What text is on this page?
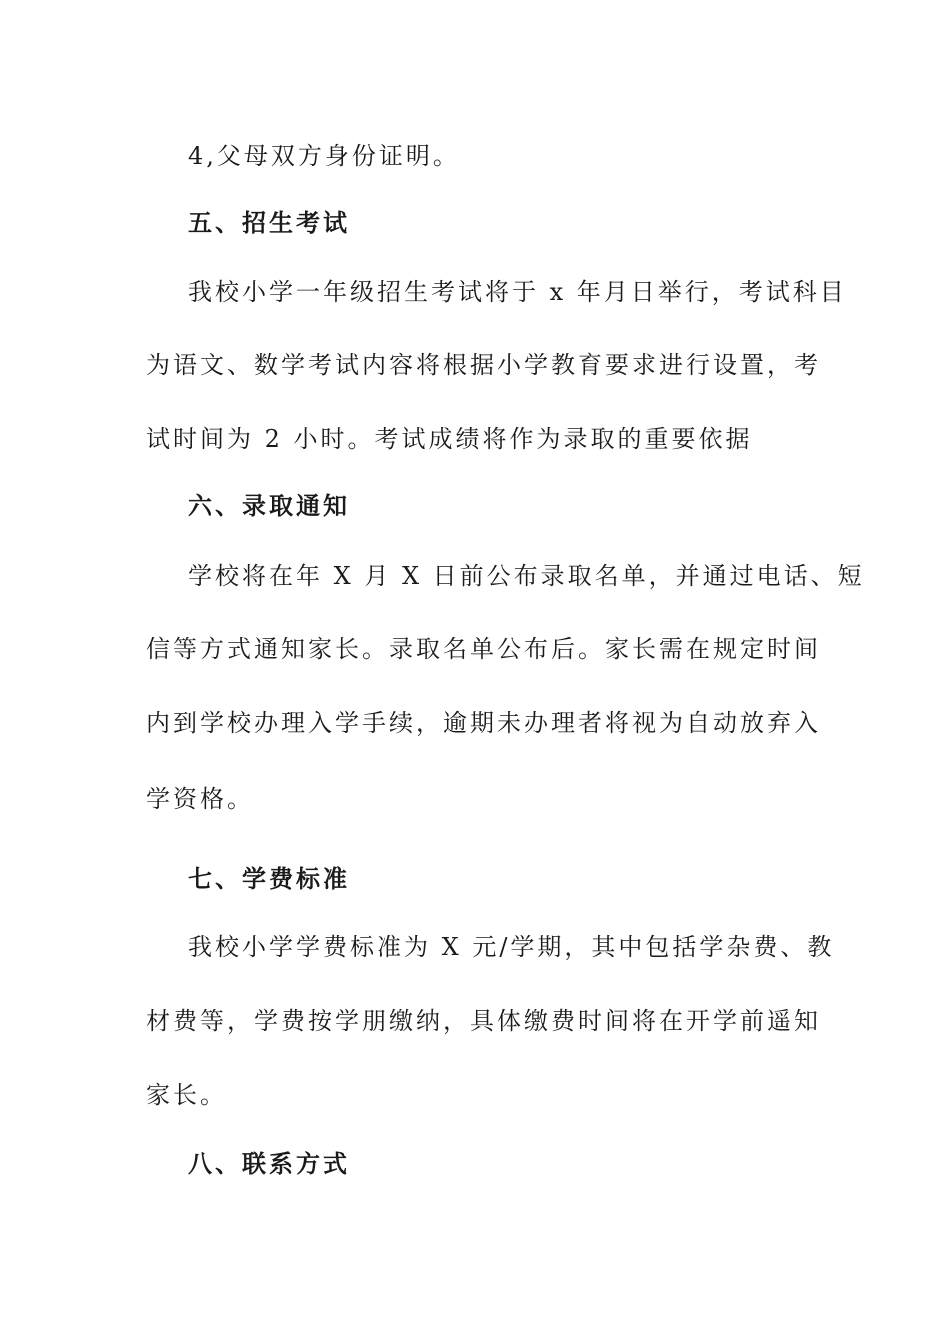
4,父母双方身份证明。
五、招生考试
我校小学一年级招生考试将于 x 年月日举行，考试科目
为语文、数学考试内容将根据小学教育要求进行设置，考
试时间为 2 小时。考试成绩将作为录取的重要依据
六、录取通知
学校将在年 X 月 X 日前公布录取名单，并通过电话、短
信等方式通知家长。录取名单公布后。家长需在规定时间
内到学校办理入学手续，逾期未办理者将视为自动放弃入
学资格。
七、学费标准
我校小学学费标准为 X 元/学期，其中包括学杂费、教
材费等，学费按学朋缴纳，具体缴费时间将在开学前遥知
家长。
八、联系方式
